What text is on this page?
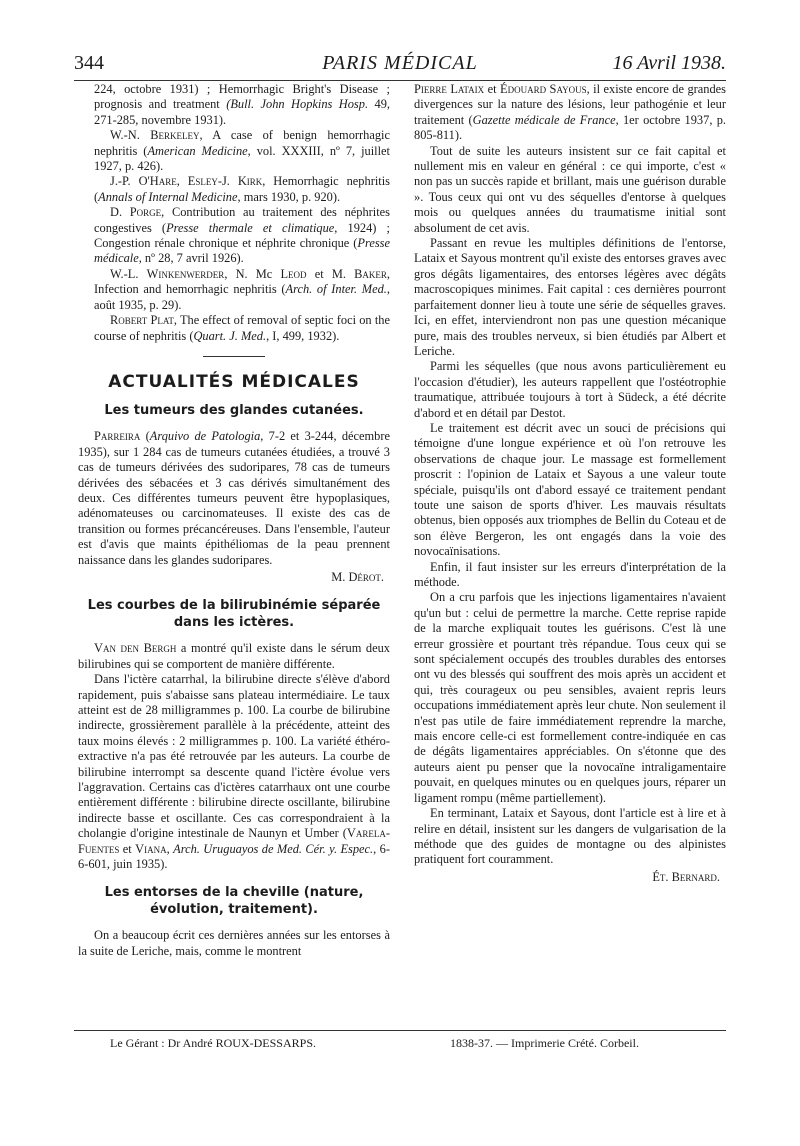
344	PARIS MÉDICAL	16 Avril 1938.

224, octobre 1931) ; Hemorrhagic Bright's Disease ; prognosis and treatment (Bull. John Hopkins Hosp. 49, 271-285, novembre 1931).

W.-N. Berkeley, A case of benign hemorrhagic nephritis (American Medicine, vol. XXXIII, nº 7, juillet 1927, p. 426).

J.-P. O'Hare, Esley-J. Kirk, Hemorrhagic nephritis (Annals of Internal Medicine, mars 1930, p. 920).

D. Porge, Contribution au traitement des néphrites congestives (Presse thermale et climatique, 1924) ; Congestion rénale chronique et néphrite chronique (Presse médicale, nº 28, 7 avril 1926).

W.-L. Winkenwerder, N. Mc Leod et M. Baker, Infection and hemorrhagic nephritis (Arch. of Inter. Med., août 1935, p. 29).

Robert Plat, The effect of removal of septic foci on the course of nephritis (Quart. J. Med., I, 499, 1932).

ACTUALITÉS MÉDICALES
Les tumeurs des glandes cutanées.

Parreira (Arquivo de Patologia, 7-2 et 3-244, décembre 1935), sur 1 284 cas de tumeurs cutanées étudiées, a trouvé 3 cas de tumeurs dérivées des sudoripares, 78 cas de tumeurs dérivées des sébacées et 3 cas dérivés simultanément des deux. Ces différentes tumeurs peuvent être hypoplasiques, adénomateuses ou carcinomateuses. Il existe des cas de transition ou formes précancéreuses. Dans l'ensemble, l'auteur est d'avis que maints épithéliomas de la peau prennent naissance dans les glandes sudoripares.

M. Dérot.
Les courbes de la bilirubinémie séparée dans les ictères.

Van den Bergh a montré qu'il existe dans le sérum deux bilirubines qui se comportent de manière différente.

Dans l'ictère catarrhal, la bilirubine directe s'élève d'abord rapidement, puis s'abaisse sans plateau intermédiaire. Le taux atteint est de 28 milligrammes p. 100. La courbe de bilirubine indirecte, grossièrement parallèle à la précédente, atteint des taux moins élevés : 2 milligrammes p. 100. La variété éthéro-extractive n'a pas été retrouvée par les auteurs. La courbe de bilirubine interrompt sa descente quand l'ictère évolue vers l'aggravation. Certains cas d'ictères catarrhaux ont une courbe entièrement différente : bilirubine directe oscillante, bilirubine indirecte basse et oscillante. Ces cas correspondraient à la cholangie d'origine intestinale de Naunyn et Umber (Varela-Fuentes et Viana, Arch. Uruguayos de Med. Cér. y. Espec., 6-6-601, juin 1935).

Les entorses de la cheville (nature, évolution, traitement).

On a beaucoup écrit ces dernières années sur les entorses à la suite de Leriche, mais, comme le montrent

Pierre Lataix et Édouard Sayous, il existe encore de grandes divergences sur la nature des lésions, leur pathogénie et leur traitement (Gazette médicale de France, 1er octobre 1937, p. 805-811).

Tout de suite les auteurs insistent sur ce fait capital et nullement mis en valeur en général : ce qui importe, c'est « non pas un succès rapide et brillant, mais une guérison durable ». Tous ceux qui ont vu des séquelles d'entorse à quelques mois ou quelques années du traumatisme initial sont absolument de cet avis.

Passant en revue les multiples définitions de l'entorse, Lataix et Sayous montrent qu'il existe des entorses graves avec gros dégâts ligamentaires, des entorses légères avec dégâts macroscopiques minimes. Fait capital : ces dernières pourront parfaitement donner lieu à toute une série de séquelles graves. Ici, en effet, interviendront non pas une question mécanique pure, mais des troubles nerveux, si bien étudiés par Albert et Leriche.

Parmi les séquelles (que nous avons particulièrement eu l'occasion d'étudier), les auteurs rappellent que l'ostéotrophie traumatique, attribuée toujours à tort à Südeck, a été décrite d'abord et en détail par Destot.

Le traitement est décrit avec un souci de précisions qui témoigne d'une longue expérience et où l'on retrouve les observations de chaque jour. Le massage est formellement proscrit : l'opinion de Lataix et Sayous a une valeur toute spéciale, puisqu'ils ont d'abord essayé ce traitement pendant toute une saison de sports d'hiver. Les mauvais résultats obtenus, bien opposés aux triomphes de Bellin du Coteau et de son élève Bergeron, les ont engagés dans la voie des novocaïnisations.

Enfin, il faut insister sur les erreurs d'interprétation de la méthode.

On a cru parfois que les injections ligamentaires n'avaient qu'un but : celui de permettre la marche. Cette reprise rapide de la marche expliquait toutes les guérisons. C'est là une erreur grossière et pourtant très répandue. Tous ceux qui se sont spécialement occupés des troubles durables des entorses ont vu des blessés qui souffrent des mois après un accident et qui, très courageux ou peu sensibles, avaient repris leurs occupations immédiatement après leur chute. Non seulement il n'est pas utile de faire immédiatement reprendre la marche, mais encore celle-ci est formellement contre-indiquée en cas de dégâts ligamentaires appréciables. On s'étonne que des auteurs aient pu penser que la novocaïne intraligamentaire pouvait, en quelques minutes ou en quelques jours, réparer un ligament rompu (même partiellement).

En terminant, Lataix et Sayous, dont l'article est à lire et à relire en détail, insistent sur les dangers de vulgarisation de la méthode que des guides de montagne ou des alpinistes pratiquent fort couramment.

Ét. Bernard.
Le Gérant : Dr André ROUX-DESSARPS.	1838-37. — Imprimerie Crété. Corbeil.
